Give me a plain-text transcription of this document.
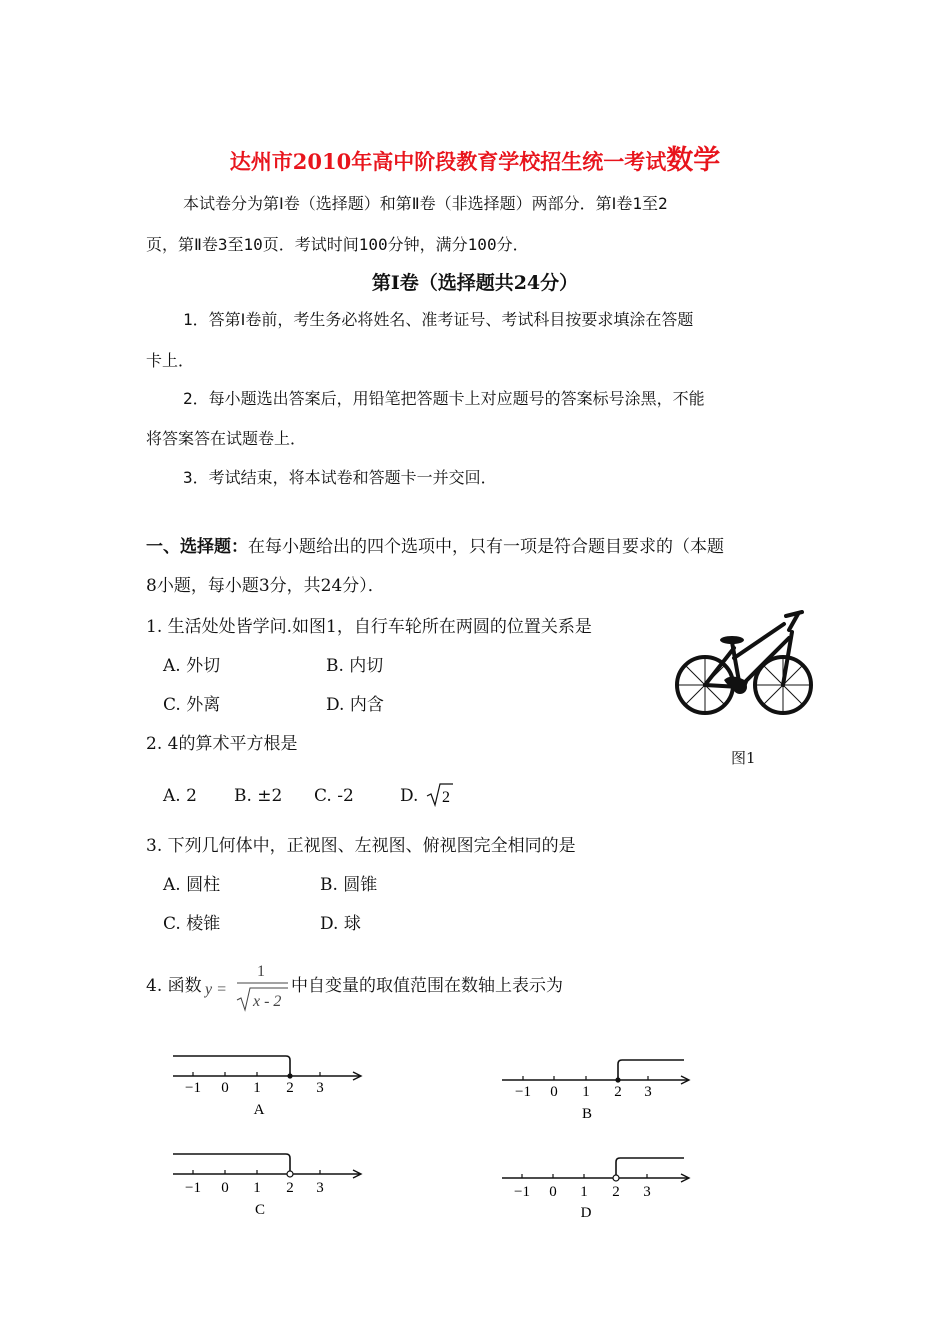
达州市2010年高中阶段教育学校招生统一考试数学
本试卷分为第Ⅰ卷（选择题）和第Ⅱ卷（非选择题）两部分．第Ⅰ卷1至2
页，第Ⅱ卷3至10页．考试时间100分钟，满分100分．
第Ⅰ卷（选择题共24分）
1．答第Ⅰ卷前，考生务必将姓名、准考证号、考试科目按要求填涂在答题
卡上．
2．每小题选出答案后，用铅笔把答题卡上对应题号的答案标号涂黑，不能
将答案答在试题卷上．
3．考试结束，将本试卷和答题卡一并交回．
一、选择题：在每小题给出的四个选项中，只有一项是符合题目要求的（本题
8小题，每小题3分，共24分）．
1. 生活处处皆学问.如图1，自行车轮所在两圆的位置关系是
A. 外切	B. 内切
C. 外离	D. 内含
图1
2. 4的算术平方根是
A. 2 B. ±2 C. -2	D. 2
3. 下列几何体中，正视图、左视图、俯视图完全相同的是
A. 圆柱	B. 圆锥
C. 棱锥	D. 球
4. 函数 y =
1
x - 2
中自变量的取值范围在数轴上表示为
−1 0 1 2 3
A
−1 0 1 2 3
B
−1 0 1 2 3
C
−1 0 1 2 3
D
